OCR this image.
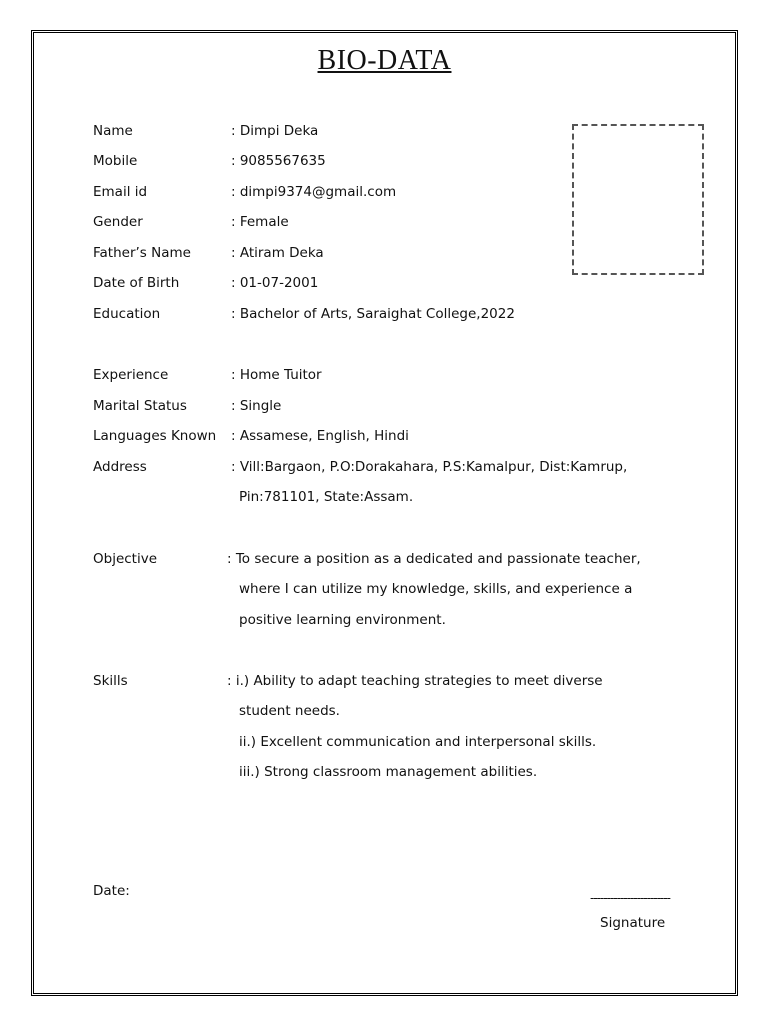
BIO-DATA
Name	: Dimpi Deka
Mobile	: 9085567635
Email id	: dimpi9374@gmail.com
Gender	: Female
Father’s Name	: Atiram Deka
Date of Birth	: 01-07-2001
Education	: Bachelor of Arts, Saraighat College,2022
Experience	: Home Tuitor
Marital Status	: Single
Languages Known : Assamese, English, Hindi
Address	: Vill:Bargaon, P.O:Dorakahara, P.S:Kamalpur, Dist:Kamrup,
Pin:781101, State:Assam.
Objective	: To secure a position as a dedicated and passionate teacher,
where I can utilize my knowledge, skills, and experience a
positive learning environment.
Skills	: i.) Ability to adapt teaching strategies to meet diverse
student needs.
ii.) Excellent communication and interpersonal skills.
iii.) Strong classroom management abilities.
Date:	------------------------
Signature
